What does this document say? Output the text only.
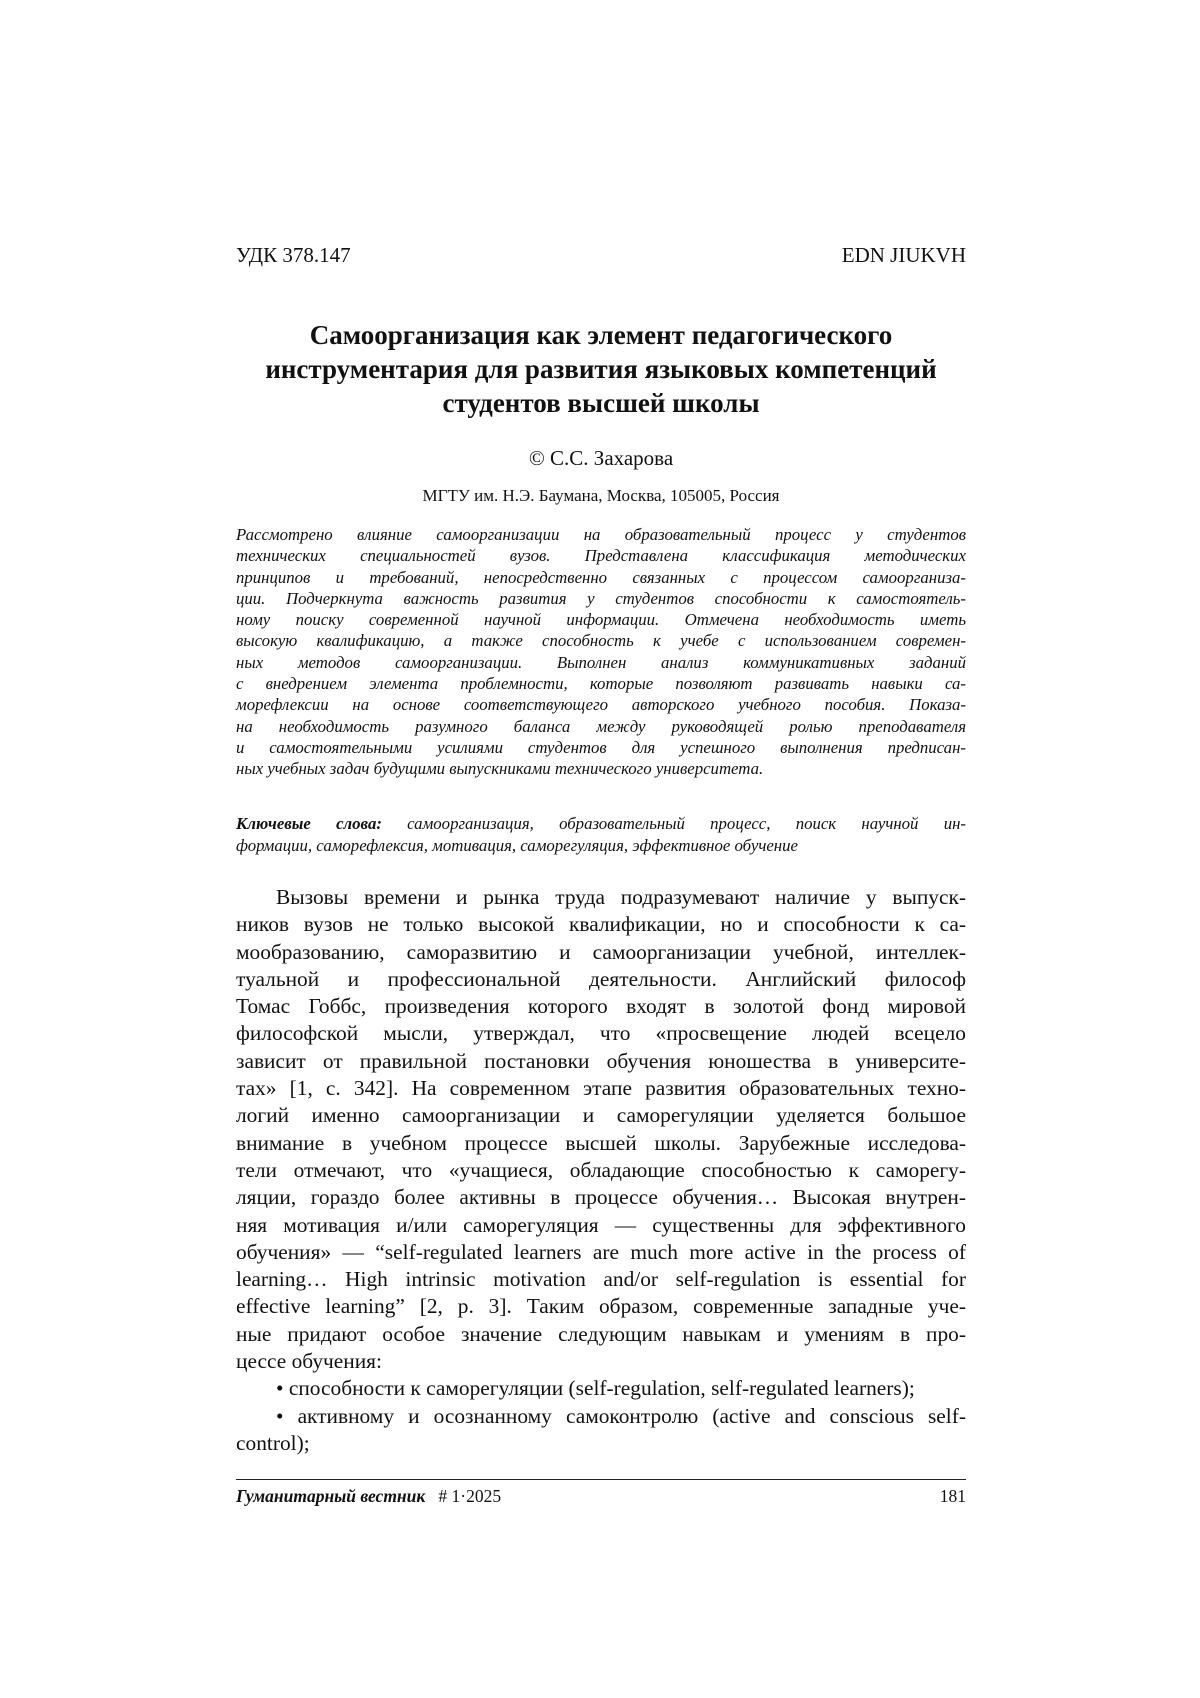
УДК 378.147	EDN JIUKVH
Самоорганизация как элемент педагогического
инструментария для развития языковых компетенций
студентов высшей школы
© С.С. Захарова
МГТУ им. Н.Э. Баумана, Москва, 105005, Россия

Рассмотрено влияние самоорганизации на образовательный процесс у студентов
технических специальностей вузов. Представлена классификация методических
принципов и требований, непосредственно связанных с процессом самоорганиза-
ции. Подчеркнута важность развития у студентов способности к самостоятель-
ному поиску современной научной информации. Отмечена необходимость иметь
высокую квалификацию, а также способность к учебе с использованием современ-
ных методов самоорганизации. Выполнен анализ коммуникативных заданий
с внедрением элемента проблемности, которые позволяют развивать навыки са-
морефлексии на основе соответствующего авторского учебного пособия. Показа-
на необходимость разумного баланса между руководящей ролью преподавателя
и самостоятельными усилиями студентов для успешного выполнения предписан-
ных учебных задач будущими выпускниками технического университета.

Ключевые слова: самоорганизация, образовательный процесс, поиск научной ин-
формации, саморефлексия, мотивация, саморегуляция, эффективное обучение

Вызовы времени и рынка труда подразумевают наличие у выпуск-
ников вузов не только высокой квалификации, но и способности к са-
мообразованию, саморазвитию и самоорганизации учебной, интеллек-
туальной и профессиональной деятельности. Английский философ
Томас Гоббс, произведения которого входят в золотой фонд мировой
философской мысли, утверждал, что «просвещение людей всецело
зависит от правильной постановки обучения юношества в университе-
тах» [1, с. 342]. На современном этапе развития образовательных техно-
логий именно самоорганизации и саморегуляции уделяется большое
внимание в учебном процессе высшей школы. Зарубежные исследова-
тели отмечают, что «учащиеся, обладающие способностью к саморегу-
ляции, гораздо более активны в процессе обучения… Высокая внутрен-
няя мотивация и/или саморегуляция — существенны для эффективного
обучения» — “self-regulated learners are much more active in the process of
learning… High intrinsic motivation and/or self-regulation is essential for
effective learning” [2, p. 3]. Таким образом, современные западные уче-
ные придают особое значение следующим навыкам и умениям в про-
цессе обучения:
• способности к саморегуляции (self-regulation, self-regulated learners);
• активному и осознанному самоконтролю (active and conscious self-
control);
Гуманитарный вестник # 1·2025	181
